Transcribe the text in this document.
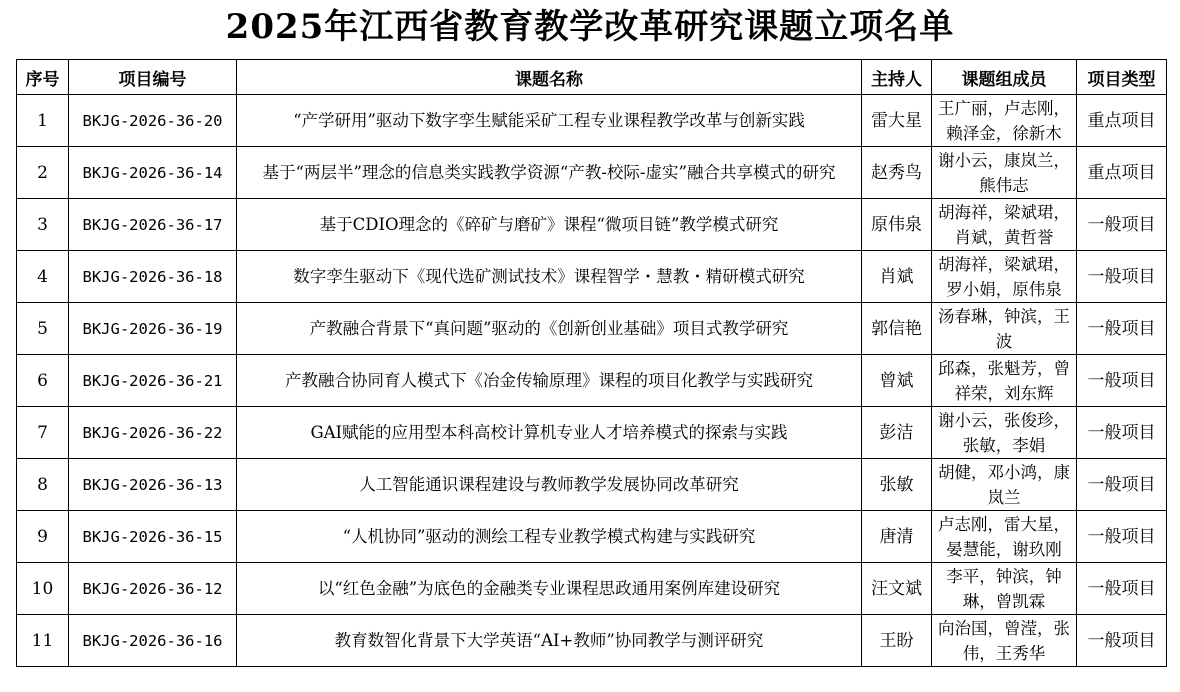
2025年江西省教育教学改革研究课题立项名单
序号	项目编号	课题名称	主持人	课题组成员	项目类型
1	BKJG-2026-36-20	“产学研用”驱动下数字孪生赋能采矿工程专业课程教学改革与创新实践	雷大星	王广丽，卢志刚，赖泽金，徐新木	重点项目
2	BKJG-2026-36-14	基于“两层半”理念的信息类实践教学资源“产教-校际-虚实”融合共享模式的研究	赵秀鸟	谢小云，康岚兰，熊伟志	重点项目
3	BKJG-2026-36-17	基于CDIO理念的《碎矿与磨矿》课程“微项目链”教学模式研究	原伟泉	胡海祥，梁斌珺，肖斌，黄哲誉	一般项目
4	BKJG-2026-36-18	数字孪生驱动下《现代选矿测试技术》课程智学・慧教・精研模式研究	肖斌	胡海祥，梁斌珺，罗小娟，原伟泉	一般项目
5	BKJG-2026-36-19	产教融合背景下“真问题”驱动的《创新创业基础》项目式教学研究	郭信艳	汤春琳，钟滨，王波	一般项目
6	BKJG-2026-36-21	产教融合协同育人模式下《冶金传输原理》课程的项目化教学与实践研究	曾斌	邱森，张魁芳，曾祥荣，刘东辉	一般项目
7	BKJG-2026-36-22	GAI赋能的应用型本科高校计算机专业人才培养模式的探索与实践	彭洁	谢小云，张俊珍，张敏，李娟	一般项目
8	BKJG-2026-36-13	人工智能通识课程建设与教师教学发展协同改革研究	张敏	胡健，邓小鸿，康岚兰	一般项目
9	BKJG-2026-36-15	“人机协同”驱动的测绘工程专业教学模式构建与实践研究	唐清	卢志刚，雷大星，晏慧能，谢玖刚	一般项目
10	BKJG-2026-36-12	以“红色金融”为底色的金融类专业课程思政通用案例库建设研究	汪文斌	李平，钟滨，钟琳，曾凯霖	一般项目
11	BKJG-2026-36-16	教育数智化背景下大学英语“AI+教师”协同教学与测评研究	王盼	向治国，曾滢，张伟，王秀华	一般项目
